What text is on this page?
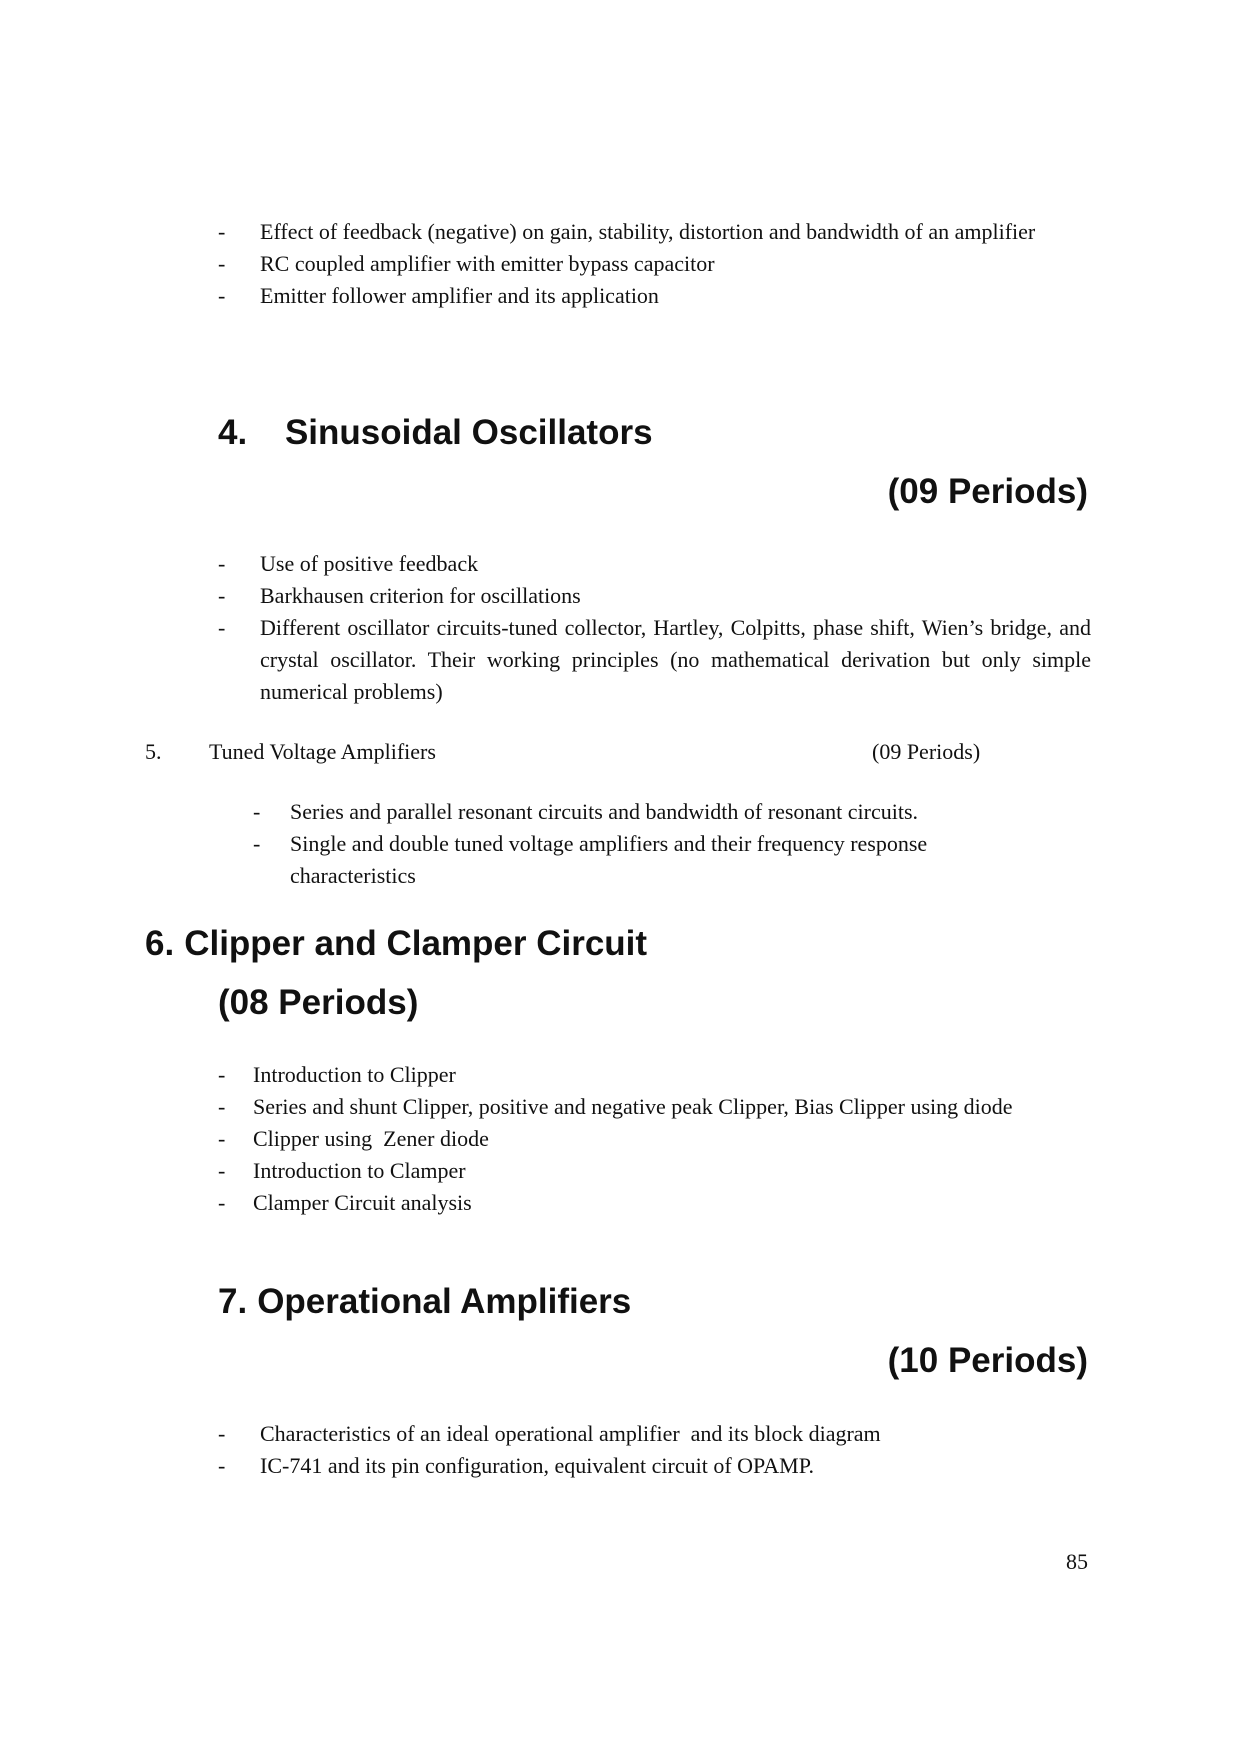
- Effect of feedback (negative) on gain, stability, distortion and bandwidth of an amplifier
- RC coupled amplifier with emitter bypass capacitor
- Emitter follower amplifier and its application
4. Sinusoidal Oscillators
(09 Periods)
- Use of positive feedback
- Barkhausen criterion for oscillations
- Different oscillator circuits-tuned collector, Hartley, Colpitts, phase shift, Wien’s bridge, and crystal oscillator. Their working principles (no mathematical derivation but only simple numerical problems)
5. Tuned Voltage Amplifiers	(09 Periods)
- Series and parallel resonant circuits and bandwidth of resonant circuits.
- Single and double tuned voltage amplifiers and their frequency response characteristics
6. Clipper and Clamper Circuit
(08 Periods)
- Introduction to Clipper
- Series and shunt Clipper, positive and negative peak Clipper, Bias Clipper using diode
- Clipper using  Zener diode
- Introduction to Clamper
- Clamper Circuit analysis
7. Operational Amplifiers
(10 Periods)
- Characteristics of an ideal operational amplifier  and its block diagram
- IC-741 and its pin configuration, equivalent circuit of OPAMP.
85
